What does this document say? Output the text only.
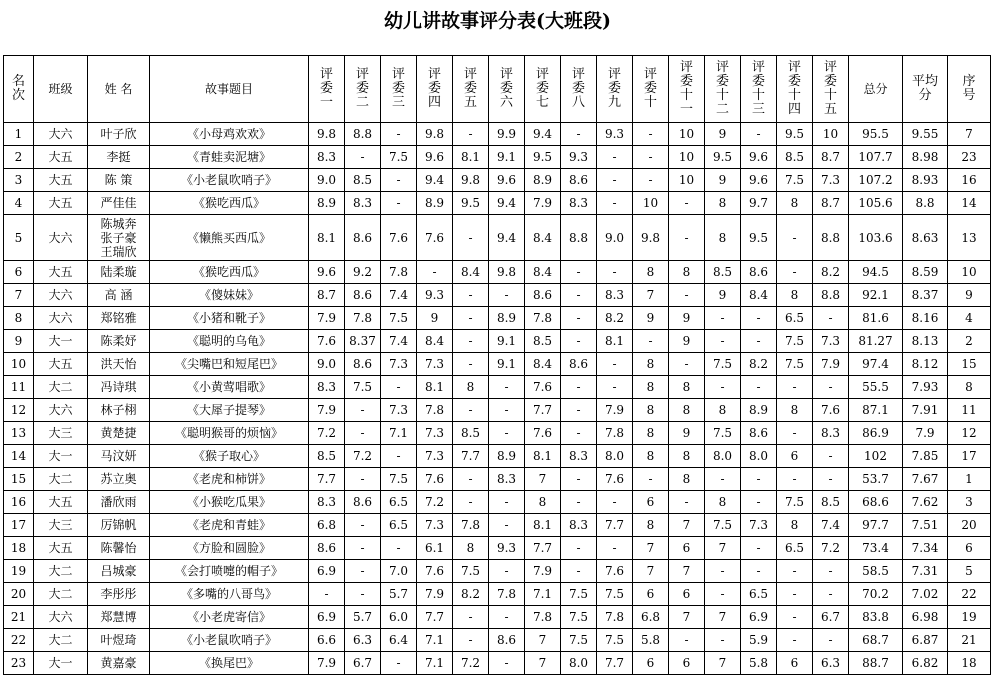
幼儿讲故事评分表(大班段)
名次	班级	姓 名	故事题目	评委一	评委二	评委三	评委四	评委五	评委六	评委七	评委八	评委九	评委十	评委十一	评委十二	评委十三	评委十四	评委十五	总分	平均分	序号
1	大六	叶子欣	《小母鸡欢欢》	9.8	8.8	-	9.8	-	9.9	9.4	-	9.3	-	10	9	-	9.5	10	95.5	9.55	7
2	大五	李挺	《青蛙卖泥塘》	8.3	-	7.5	9.6	8.1	9.1	9.5	9.3	-	-	10	9.5	9.6	8.5	8.7	107.7	8.98	23
3	大五	陈 策	《小老鼠吹哨子》	9.0	8.5	-	9.4	9.8	9.6	8.9	8.6	-	-	10	9	9.6	7.5	7.3	107.2	8.93	16
4	大五	严佳佳	《猴吃西瓜》	8.9	8.3	-	8.9	9.5	9.4	7.9	8.3	-	10	-	8	9.7	8	8.7	105.6	8.8	14
5	大六	陈城奔
张子豪
王瑞欣	《懒熊买西瓜》	8.1	8.6	7.6	7.6	-	9.4	8.4	8.8	9.0	9.8	-	8	9.5	-	8.8	103.6	8.63	13
6	大五	陆柔璇	《猴吃西瓜》	9.6	9.2	7.8	-	8.4	9.8	8.4	-	-	8	8	8.5	8.6	-	8.2	94.5	8.59	10
7	大六	高 涵	《傻妹妹》	8.7	8.6	7.4	9.3	-	-	8.6	-	8.3	7	-	9	8.4	8	8.8	92.1	8.37	9
8	大六	郑铭雅	《小猪和靴子》	7.9	7.8	7.5	9	-	8.9	7.8	-	8.2	9	9	-	-	6.5	-	81.6	8.16	4
9	大一	陈柔妤	《聪明的乌龟》	7.6	8.37	7.4	8.4	-	9.1	8.5	-	8.1	-	9	-	-	7.5	7.3	81.27	8.13	2
10	大五	洪天怡	《尖嘴巴和短尾巴》	9.0	8.6	7.3	7.3	-	9.1	8.4	8.6	-	8	-	7.5	8.2	7.5	7.9	97.4	8.12	15
11	大二	冯诗琪	《小黄莺唱歌》	8.3	7.5	-	8.1	8	-	7.6	-	-	8	8	-	-	-	-	55.5	7.93	8
12	大六	林子栩	《大犀子提琴》	7.9	-	7.3	7.8	-	-	7.7	-	7.9	8	8	8	8.9	8	7.6	87.1	7.91	11
13	大三	黄楚捷	《聪明猴哥的烦恼》	7.2	-	7.1	7.3	8.5	-	7.6	-	7.8	8	9	7.5	8.6	-	8.3	86.9	7.9	12
14	大一	马汶妍	《猴子取心》	8.5	7.2	-	7.3	7.7	8.9	8.1	8.3	8.0	8	8	8.0	8.0	6	-	102	7.85	17
15	大二	苏立奥	《老虎和柿饼》	7.7	-	7.5	7.6	-	8.3	7	-	7.6	-	8	-	-	-	-	53.7	7.67	1
16	大五	潘欣雨	《小猴吃瓜果》	8.3	8.6	6.5	7.2	-	-	8	-	-	6	-	8	-	7.5	8.5	68.6	7.62	3
17	大三	厉锦帆	《老虎和青蛙》	6.8	-	6.5	7.3	7.8	-	8.1	8.3	7.7	8	7	7.5	7.3	8	7.4	97.7	7.51	20
18	大五	陈馨怡	《方脸和圆脸》	8.6	-	-	6.1	8	9.3	7.7	-	-	7	6	7	-	6.5	7.2	73.4	7.34	6
19	大二	吕城豪	《会打喷嚏的帽子》	6.9	-	7.0	7.6	7.5	-	7.9	-	7.6	7	7	-	-	-	-	58.5	7.31	5
20	大二	李彤彤	《多嘴的八哥鸟》	-	-	5.7	7.9	8.2	7.8	7.1	7.5	7.5	6	6	-	6.5	-	-	70.2	7.02	22
21	大六	郑慧博	《小老虎寄信》	6.9	5.7	6.0	7.7	-	-	7.8	7.5	7.8	6.8	7	7	6.9	-	6.7	83.8	6.98	19
22	大二	叶煜琦	《小老鼠吹哨子》	6.6	6.3	6.4	7.1	-	8.6	7	7.5	7.5	5.8	-	-	5.9	-	-	68.7	6.87	21
23	大一	黄嘉豪	《换尾巴》	7.9	6.7	-	7.1	7.2	-	7	8.0	7.7	6	6	7	5.8	6	6.3	88.7	6.82	18
